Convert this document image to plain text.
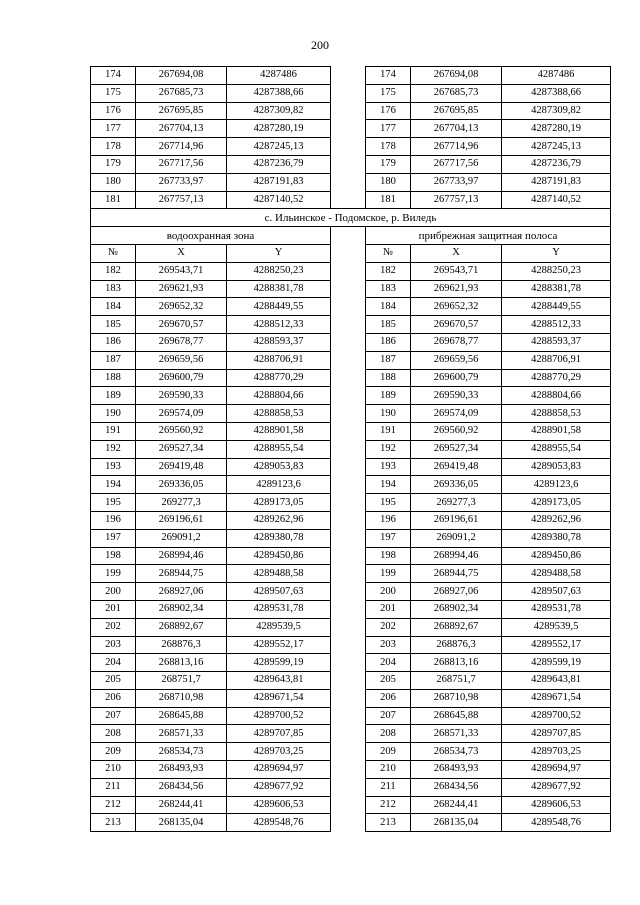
200
174	267694,08	4287486		174	267694,08	4287486
175	267685,73	4287388,66		175	267685,73	4287388,66
176	267695,85	4287309,82		176	267695,85	4287309,82
177	267704,13	4287280,19		177	267704,13	4287280,19
178	267714,96	4287245,13		178	267714,96	4287245,13
179	267717,56	4287236,79		179	267717,56	4287236,79
180	267733,97	4287191,83		180	267733,97	4287191,83
181	267757,13	4287140,52		181	267757,13	4287140,52
с. Ильинское - Подомское, р. Виледь						
водоохранная зона				прибрежная защитная полоса		
№	X	Y		№	X	Y
182	269543,71	4288250,23		182	269543,71	4288250,23
183	269621,93	4288381,78		183	269621,93	4288381,78
184	269652,32	4288449,55		184	269652,32	4288449,55
185	269670,57	4288512,33		185	269670,57	4288512,33
186	269678,77	4288593,37		186	269678,77	4288593,37
187	269659,56	4288706,91		187	269659,56	4288706,91
188	269600,79	4288770,29		188	269600,79	4288770,29
189	269590,33	4288804,66		189	269590,33	4288804,66
190	269574,09	4288858,53		190	269574,09	4288858,53
191	269560,92	4288901,58		191	269560,92	4288901,58
192	269527,34	4288955,54		192	269527,34	4288955,54
193	269419,48	4289053,83		193	269419,48	4289053,83
194	269336,05	4289123,6		194	269336,05	4289123,6
195	269277,3	4289173,05		195	269277,3	4289173,05
196	269196,61	4289262,96		196	269196,61	4289262,96
197	269091,2	4289380,78		197	269091,2	4289380,78
198	268994,46	4289450,86		198	268994,46	4289450,86
199	268944,75	4289488,58		199	268944,75	4289488,58
200	268927,06	4289507,63		200	268927,06	4289507,63
201	268902,34	4289531,78		201	268902,34	4289531,78
202	268892,67	4289539,5		202	268892,67	4289539,5
203	268876,3	4289552,17		203	268876,3	4289552,17
204	268813,16	4289599,19		204	268813,16	4289599,19
205	268751,7	4289643,81		205	268751,7	4289643,81
206	268710,98	4289671,54		206	268710,98	4289671,54
207	268645,88	4289700,52		207	268645,88	4289700,52
208	268571,33	4289707,85		208	268571,33	4289707,85
209	268534,73	4289703,25		209	268534,73	4289703,25
210	268493,93	4289694,97		210	268493,93	4289694,97
211	268434,56	4289677,92		211	268434,56	4289677,92
212	268244,41	4289606,53		212	268244,41	4289606,53
213	268135,04	4289548,76		213	268135,04	4289548,76
